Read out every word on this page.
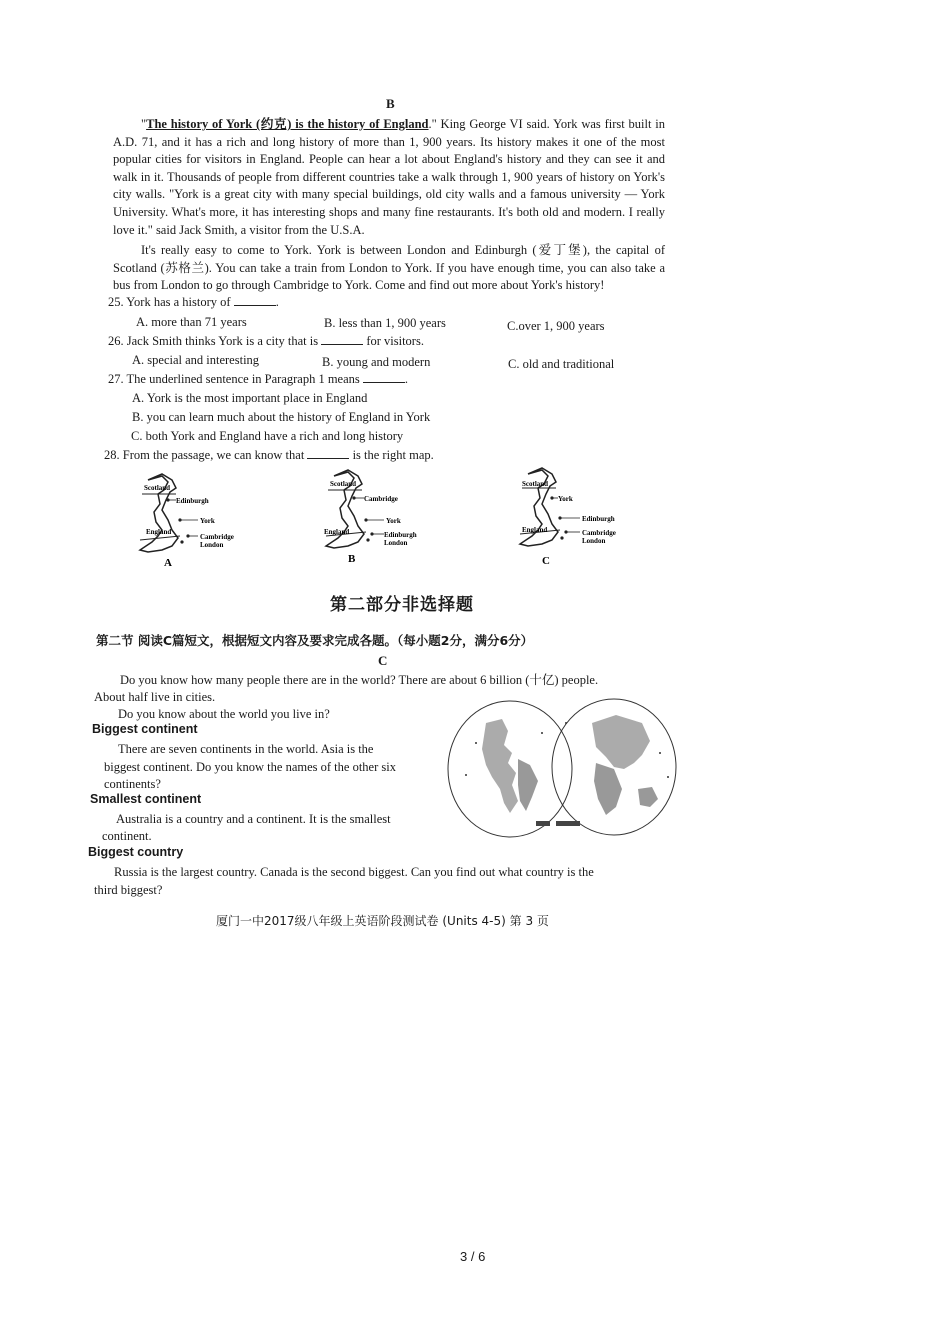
B
"The history of York (约克) is the history of England." King George VI said. York was first built in A.D. 71, and it has a rich and long history of more than 1, 900 years. Its history makes it one of the most popular cities for visitors in England. People can hear a lot about England's history and they can see it and walk in it. Thousands of people from different countries take a walk through 1, 900 years of history on York's city walls. "York is a great city with many special buildings, old city walls and a famous university — York University. What's more, it has interesting shops and many fine restaurants. It's both old and modern. I really love it." said Jack Smith, a visitor from the U.S.A.
It's really easy to come to York. York is between London and Edinburgh (爱丁堡), the capital of Scotland (苏格兰). You can take a train from London to York. If you have enough time, you can also take a bus from London to go through Cambridge to York. Come and find out more about York's history!
25. York has a history of	.
A. more than 71 years	B. less than 1, 900 years	C.over 1, 900 years
26. Jack Smith thinks York is a city that is	for visitors.
A. special and interesting	B. young and modern	C. old and traditional
27. The underlined sentence in Paragraph 1 means	.
A. York is the most important place in England
B. you can learn much about the history of England in York
C. both York and England have a rich and long history
28. From the passage, we can know that	is the right map.
Scotland
Edinburgh
York
England
Cambridge
London
A
Scotland
Cambridge
York
England	Edinburgh
London
B
Scotland
York
Edinburgh
England	Cambridge
London
C
第二部分非选择题
第二节 阅读C篇短文，根据短文内容及要求完成各题。（每小题2分，满分6分）
C
Do you know how many people there are in the world? There are about 6 billion (十亿) people.
About half live in cities.
Do you know about the world you live in?
Biggest continent
There are seven continents in the world. Asia is the
biggest continent. Do you know the names of the other six
continents?
Smallest continent
Australia is a country and a continent. It is the smallest
continent.
Biggest country
Russia is the largest country. Canada is the second biggest. Can you find out what country is the
third biggest?
厦门一中2017级八年级上英语阶段测试卷 (Units 4-5) 第 3 页
3 / 6
